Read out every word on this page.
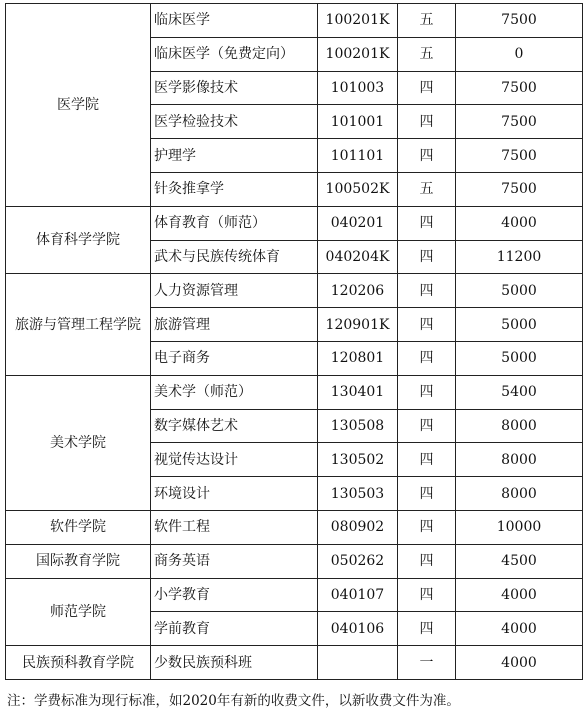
医学院	临床医学	100201K	五	7500
	临床医学（免费定向）	100201K	五	0
	医学影像技术	101003	四	7500
	医学检验技术	101001	四	7500
	护理学	101101	四	7500
	针灸推拿学	100502K	五	7500
体育科学学院	体育教育（师范）	040201	四	4000
	武术与民族传统体育	040204K	四	11200
旅游与管理工程学院	人力资源管理	120206	四	5000
	旅游管理	120901K	四	5000
	电子商务	120801	四	5000
美术学院	美术学（师范）	130401	四	5400
	数字媒体艺术	130508	四	8000
	视觉传达设计	130502	四	8000
	环境设计	130503	四	8000
软件学院	软件工程	080902	四	10000
国际教育学院	商务英语	050262	四	4500
师范学院	小学教育	040107	四	4000
	学前教育	040106	四	4000
民族预科教育学院	少数民族预科班		一	4000
注：学费标准为现行标准，如2020年有新的收费文件，以新收费文件为准。
